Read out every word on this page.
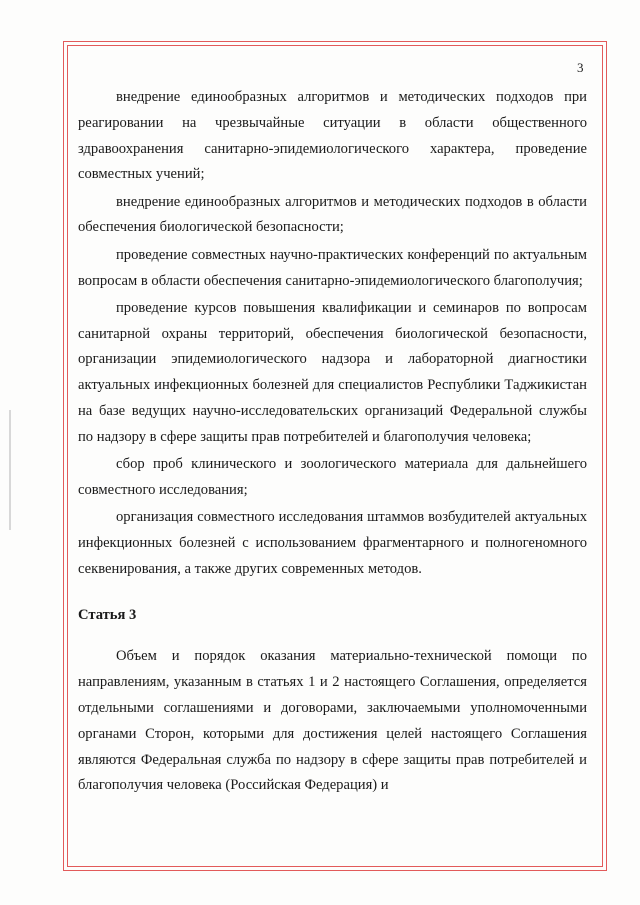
3

внедрение единообразных алгоритмов и методических подходов при реагировании на чрезвычайные ситуации в области общественного здравоохранения санитарно-эпидемиологического характера, проведение совместных учений;

внедрение единообразных алгоритмов и методических подходов в области обеспечения биологической безопасности;

проведение совместных научно-практических конференций по актуальным вопросам в области обеспечения санитарно-эпидемиологического благополучия;

проведение курсов повышения квалификации и семинаров по вопросам санитарной охраны территорий, обеспечения биологической безопасности, организации эпидемиологического надзора и лабораторной диагностики актуальных инфекционных болезней для специалистов Республики Таджикистан на базе ведущих научно-исследовательских организаций Федеральной службы по надзору в сфере защиты прав потребителей и благополучия человека;

сбор проб клинического и зоологического материала для дальнейшего совместного исследования;

организация совместного исследования штаммов возбудителей актуальных инфекционных болезней с использованием фрагментарного и полногеномного секвенирования, а также других современных методов.

Статья 3

Объем и порядок оказания материально-технической помощи по направлениям, указанным в статьях 1 и 2 настоящего Соглашения, определяется отдельными соглашениями и договорами, заключаемыми уполномоченными органами Сторон, которыми для достижения целей настоящего Соглашения являются Федеральная служба по надзору в сфере защиты прав потребителей и благополучия человека (Российская Федерация) и
